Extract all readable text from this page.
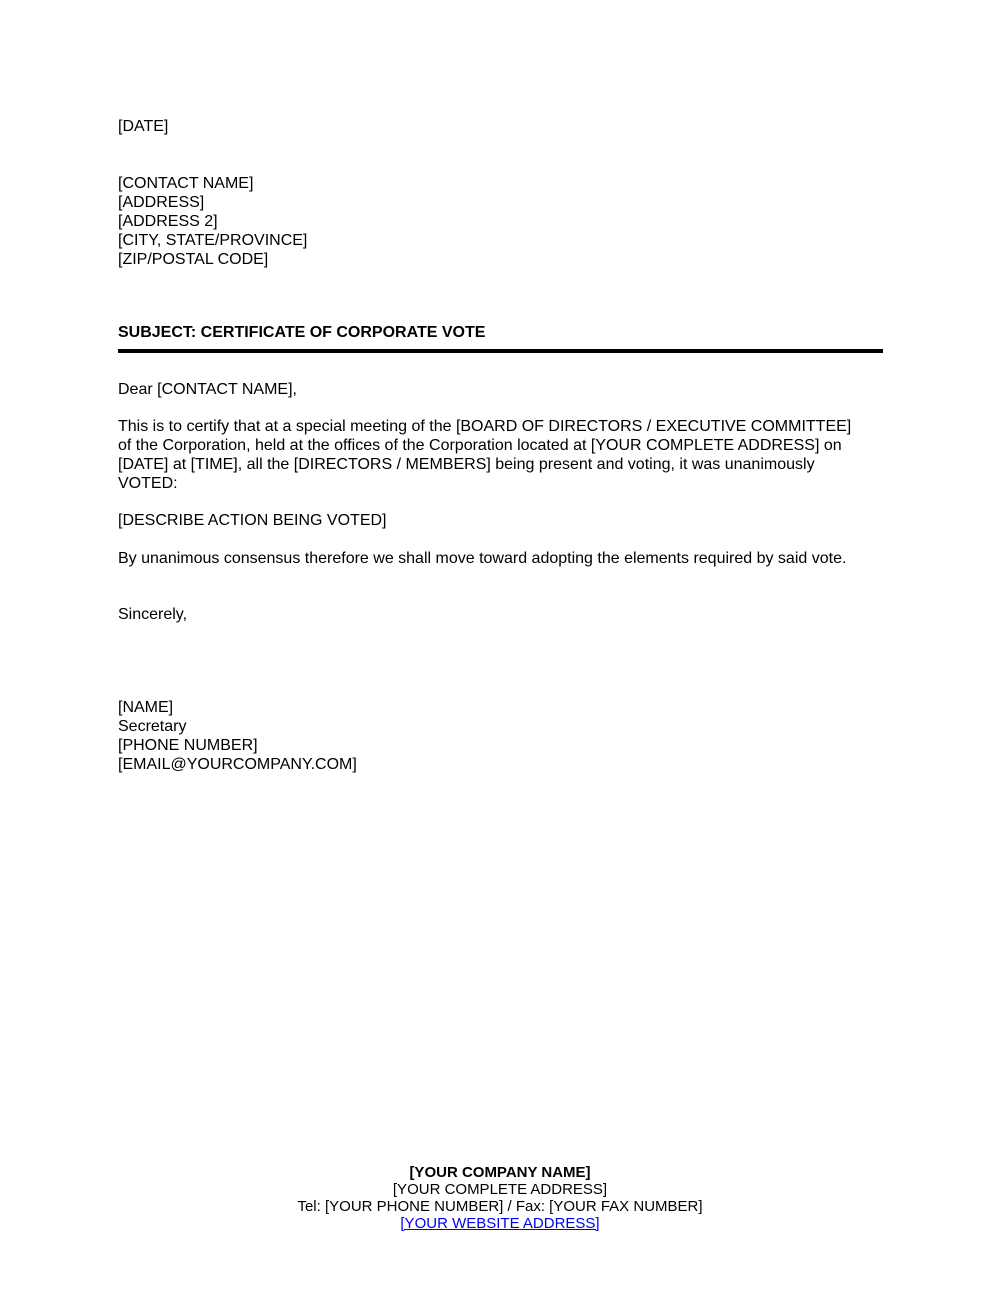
[DATE]
[CONTACT NAME]
[ADDRESS]
[ADDRESS 2]
[CITY, STATE/PROVINCE]
[ZIP/POSTAL CODE]
SUBJECT: CERTIFICATE OF CORPORATE VOTE
Dear [CONTACT NAME],
This is to certify that at a special meeting of the [BOARD OF DIRECTORS / EXECUTIVE COMMITTEE]
of the Corporation, held at the offices of the Corporation located at [YOUR COMPLETE ADDRESS] on
[DATE] at [TIME], all the [DIRECTORS / MEMBERS] being present and voting, it was unanimously
VOTED:
[DESCRIBE ACTION BEING VOTED]
By unanimous consensus therefore we shall move toward adopting the elements required by said vote.
Sincerely,
[NAME]
Secretary
[PHONE NUMBER]
[EMAIL@YOURCOMPANY.COM]
[YOUR COMPANY NAME]
[YOUR COMPLETE ADDRESS]
Tel: [YOUR PHONE NUMBER] / Fax: [YOUR FAX NUMBER]
[YOUR WEBSITE ADDRESS]
